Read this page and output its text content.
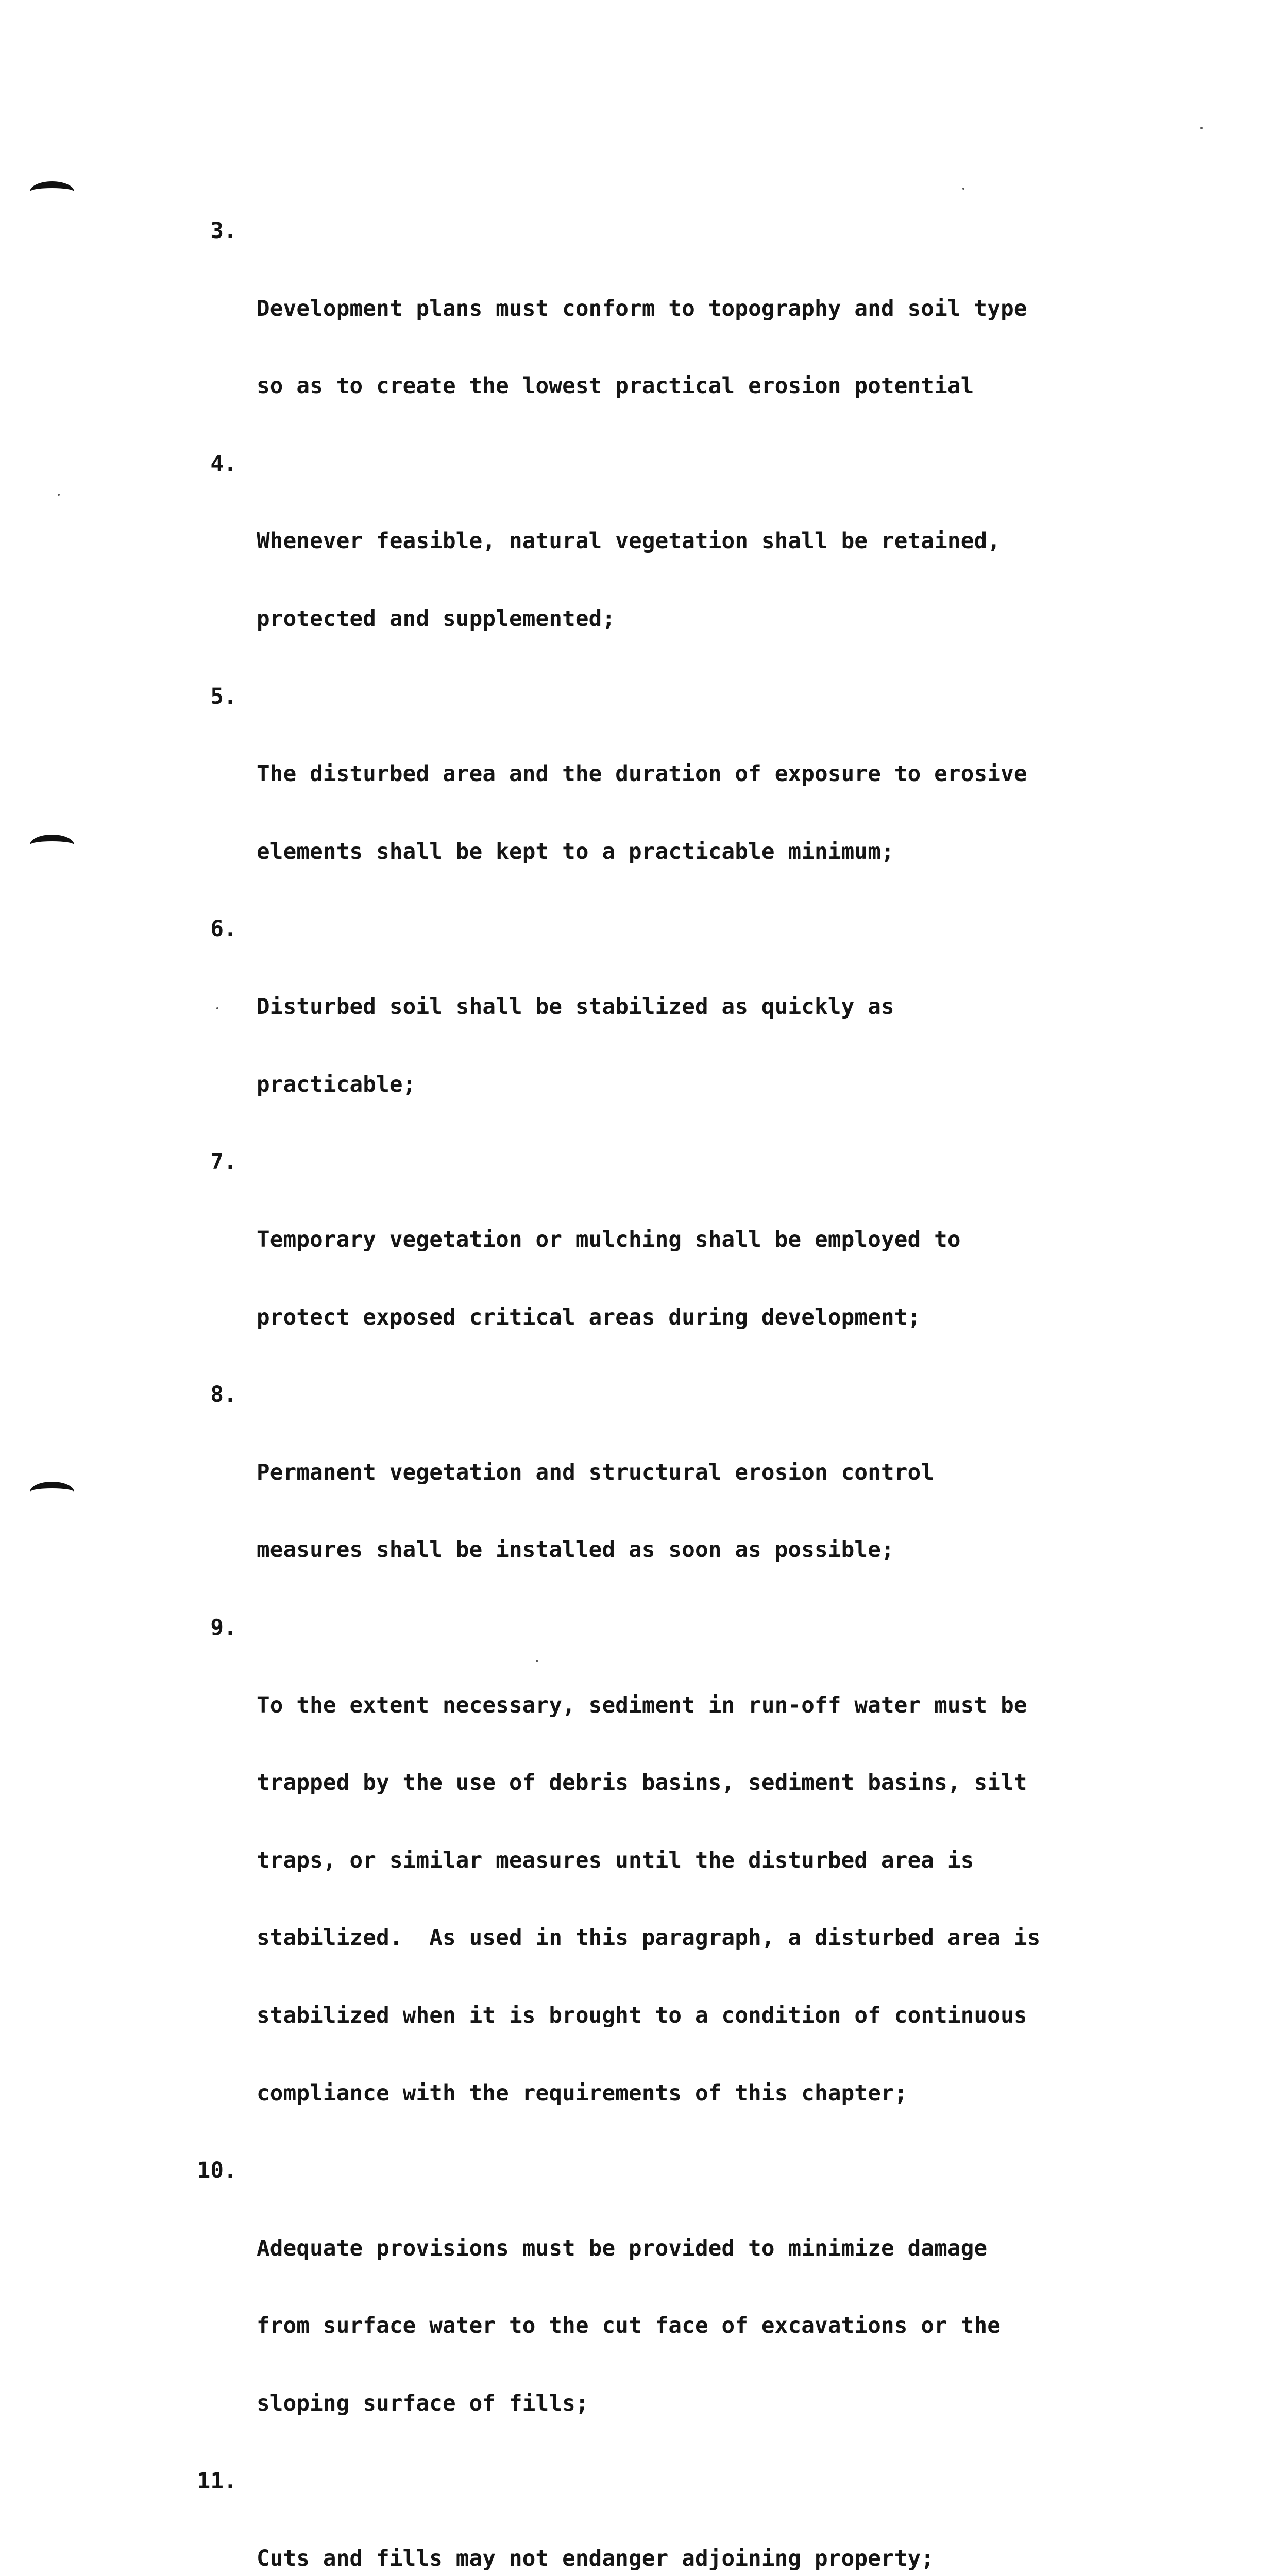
3.

Development plans must conform to topography and soil type

so as to create the lowest practical erosion potential

4.

Whenever feasible, natural vegetation shall be retained,

protected and supplemented;

5.

The disturbed area and the duration of exposure to erosive

elements shall be kept to a practicable minimum;

6.

Disturbed soil shall be stabilized as quickly as

practicable;

7.

Temporary vegetation or mulching shall be employed to

protect exposed critical areas during development;

8.

Permanent vegetation and structural erosion control

measures shall be installed as soon as possible;

9.

To the extent necessary, sediment in run-off water must be

trapped by the use of debris basins, sediment basins, silt

traps, or similar measures until the disturbed area is

stabilized.  As used in this paragraph, a disturbed area is

stabilized when it is brought to a condition of continuous

compliance with the requirements of this chapter;

10.

Adequate provisions must be provided to minimize damage

from surface water to the cut face of excavations or the

sloping surface of fills;

11.

Cuts and fills may not endanger adjoining property;
